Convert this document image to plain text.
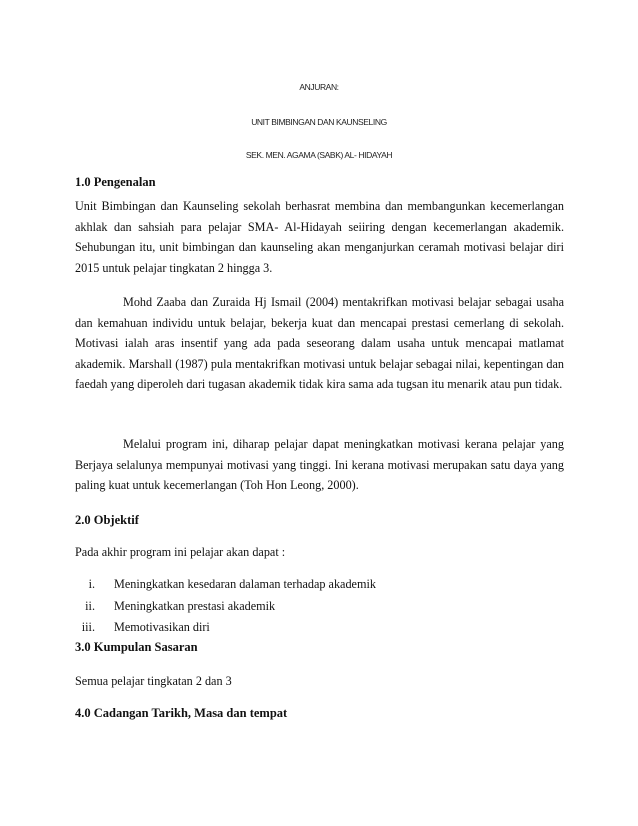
ANJURAN:
UNIT BIMBINGAN DAN KAUNSELING
SEK. MEN. AGAMA (SABK) AL- HIDAYAH
1.0 Pengenalan

Unit Bimbingan dan Kaunseling sekolah berhasrat membina dan membangunkan kecemerlangan akhlak dan sahsiah para pelajar SMA- Al-Hidayah seiiring dengan kecemerlangan akademik. Sehubungan itu, unit bimbingan dan kaunseling akan menganjurkan ceramah motivasi belajar diri 2015 untuk pelajar tingkatan 2 hingga 3.

Mohd Zaaba dan Zuraida Hj Ismail (2004) mentakrifkan motivasi belajar sebagai usaha dan kemahuan individu untuk belajar, bekerja kuat dan mencapai prestasi cemerlang di sekolah. Motivasi ialah aras insentif yang ada pada seseorang dalam usaha untuk mencapai matlamat akademik. Marshall (1987) pula mentakrifkan motivasi untuk belajar sebagai nilai, kepentingan dan faedah yang diperoleh dari tugasan akademik tidak kira sama ada tugsan itu menarik atau pun tidak.

Melalui program ini, diharap pelajar dapat meningkatkan motivasi kerana pelajar yang Berjaya selalunya mempunyai motivasi yang tinggi. Ini kerana motivasi merupakan satu daya yang paling kuat untuk kecemerlangan (Toh Hon Leong, 2000).

2.0 Objektif
Pada akhir program ini pelajar akan dapat :
i. Meningkatkan kesedaran dalaman terhadap akademik
ii. Meningkatkan prestasi akademik
iii. Memotivasikan diri
3.0 Kumpulan Sasaran
Semua pelajar tingkatan 2 dan 3
4.0 Cadangan Tarikh, Masa dan tempat
